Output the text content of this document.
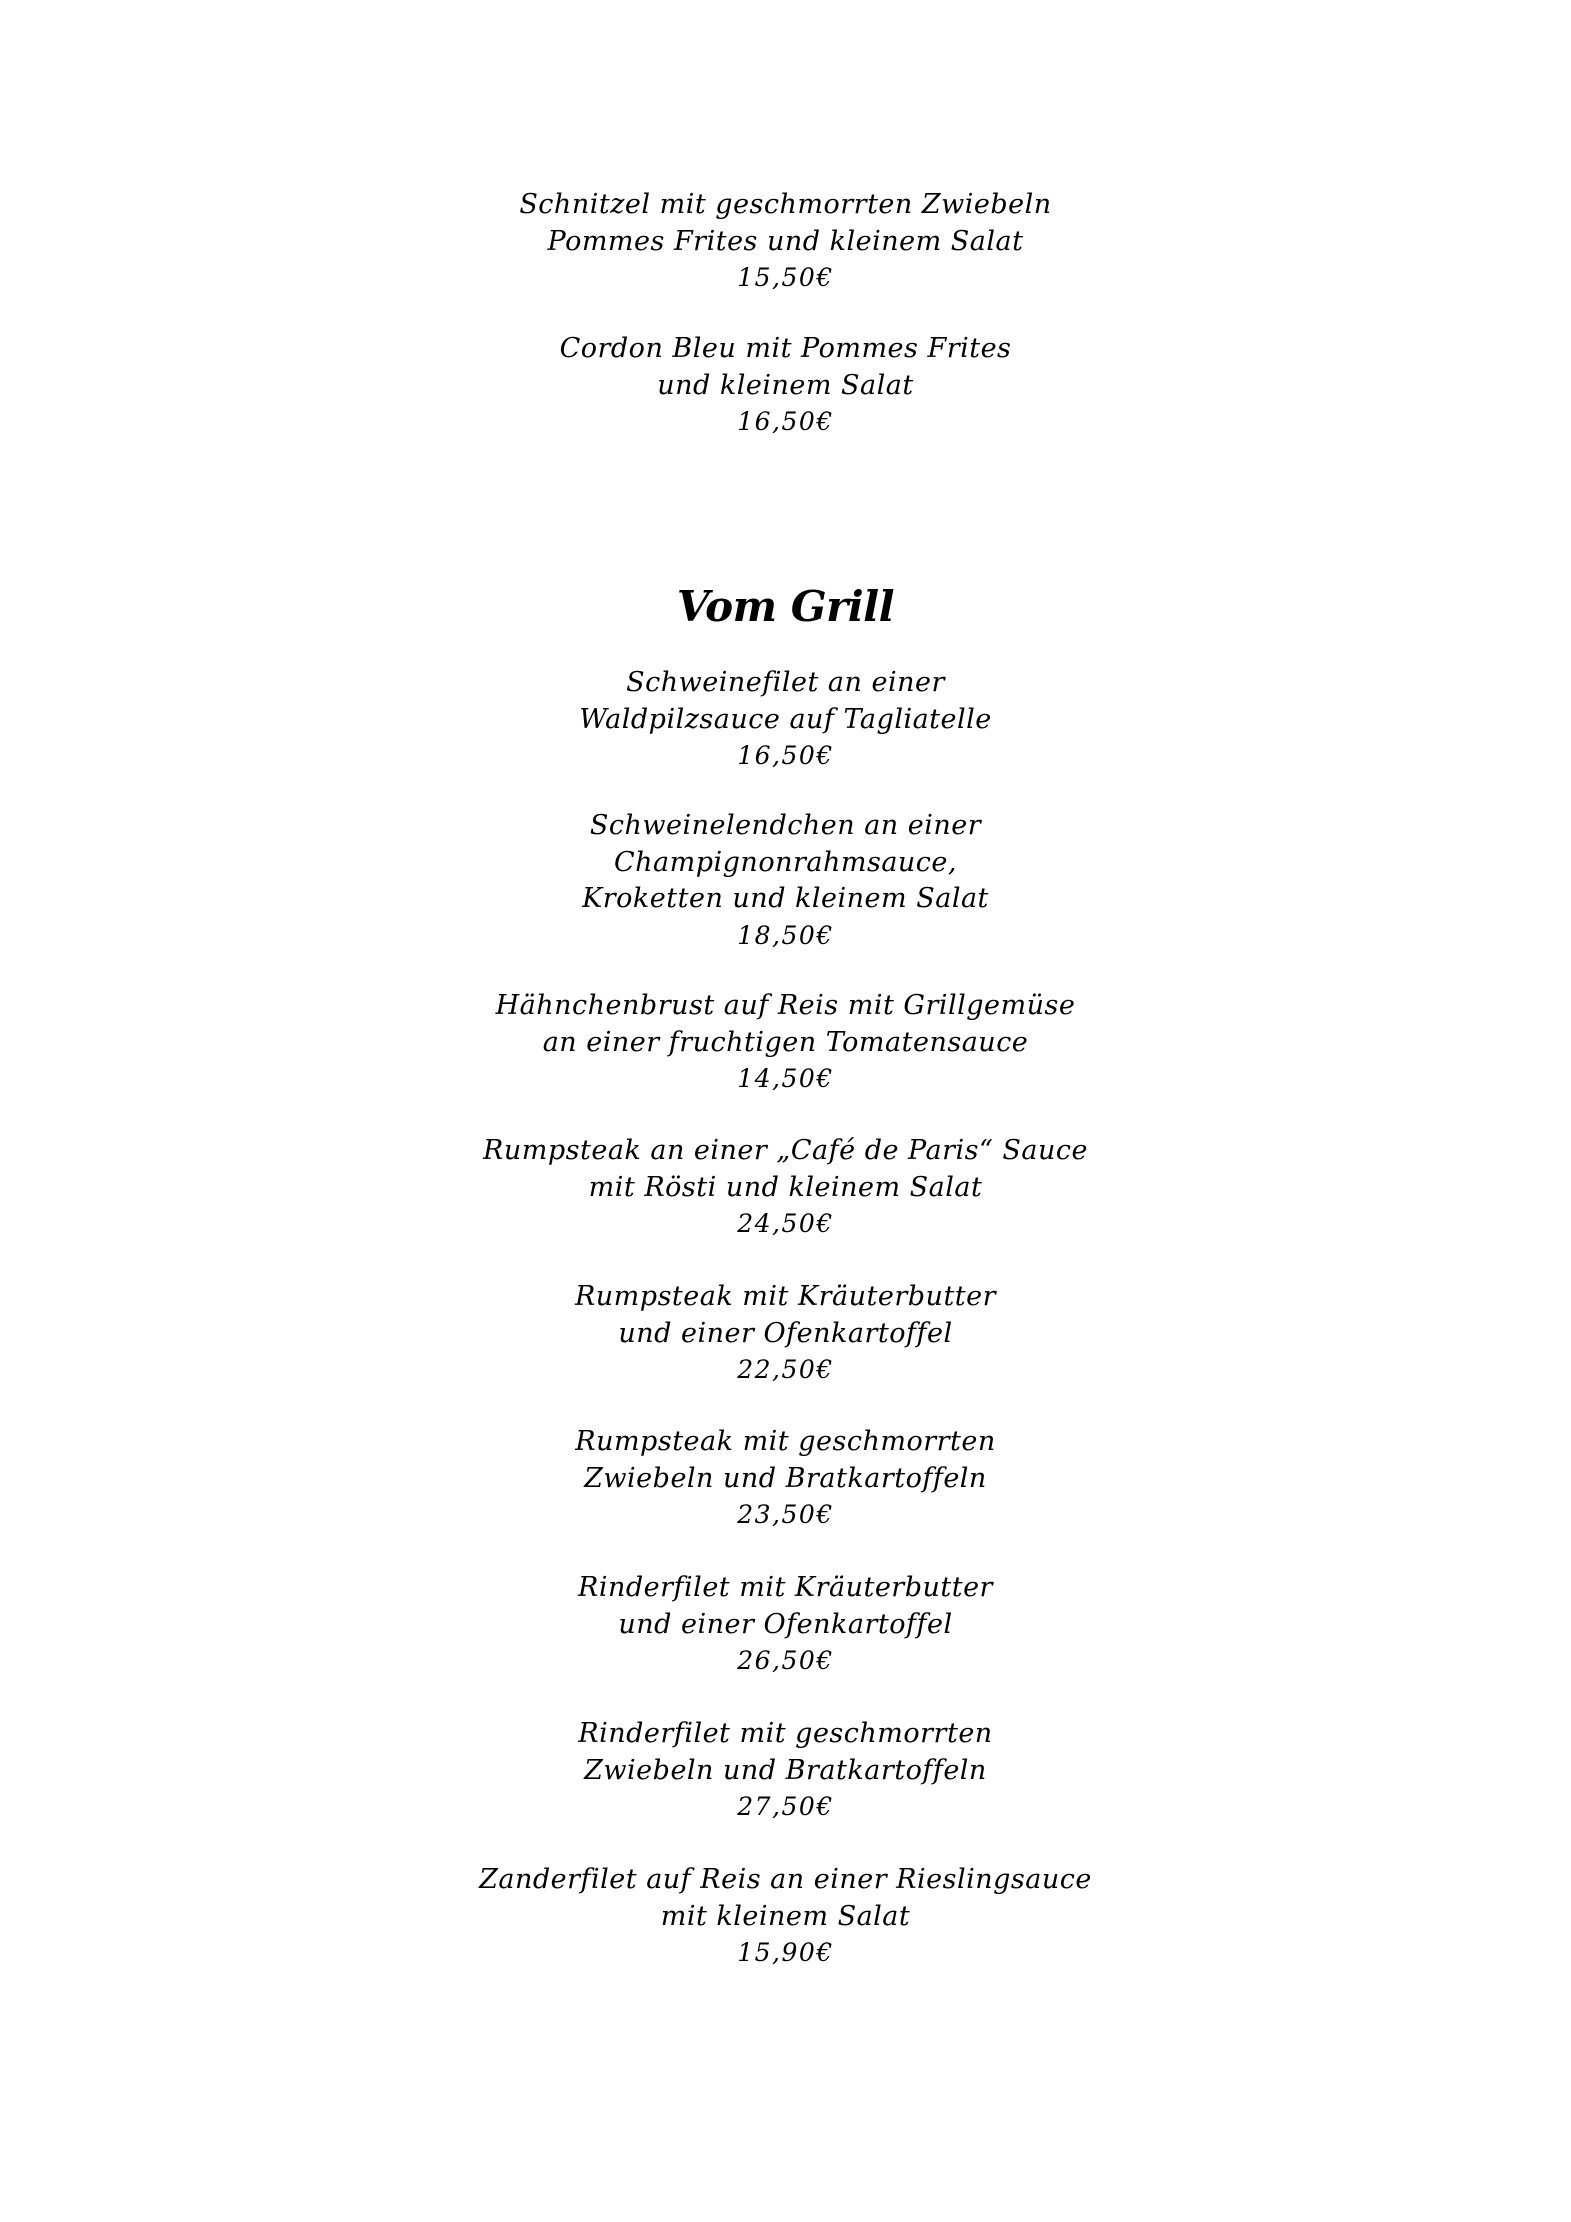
Schnitzel mit geschmorrten Zwiebeln
Pommes Frites und kleinem Salat
15,50€
Cordon Bleu mit Pommes Frites
und kleinem Salat
16,50€
Vom Grill
Schweinefilet an einer
Waldpilzsauce auf Tagliatelle
16,50€
Schweinelendchen an einer
Champignonrahmsauce,
Kroketten und kleinem Salat
18,50€
Hähnchenbrust auf Reis mit Grillgemüse
an einer fruchtigen Tomatensauce
14,50€
Rumpsteak an einer „Café de Paris“ Sauce
mit Rösti und kleinem Salat
24,50€
Rumpsteak mit Kräuterbutter
und einer Ofenkartoffel
22,50€
Rumpsteak mit geschmorrten
Zwiebeln und Bratkartoffeln
23,50€
Rinderfilet mit Kräuterbutter
und einer Ofenkartoffel
26,50€
Rinderfilet mit geschmorrten
Zwiebeln und Bratkartoffeln
27,50€
Zanderfilet auf Reis an einer Rieslingsauce
mit kleinem Salat
15,90€
